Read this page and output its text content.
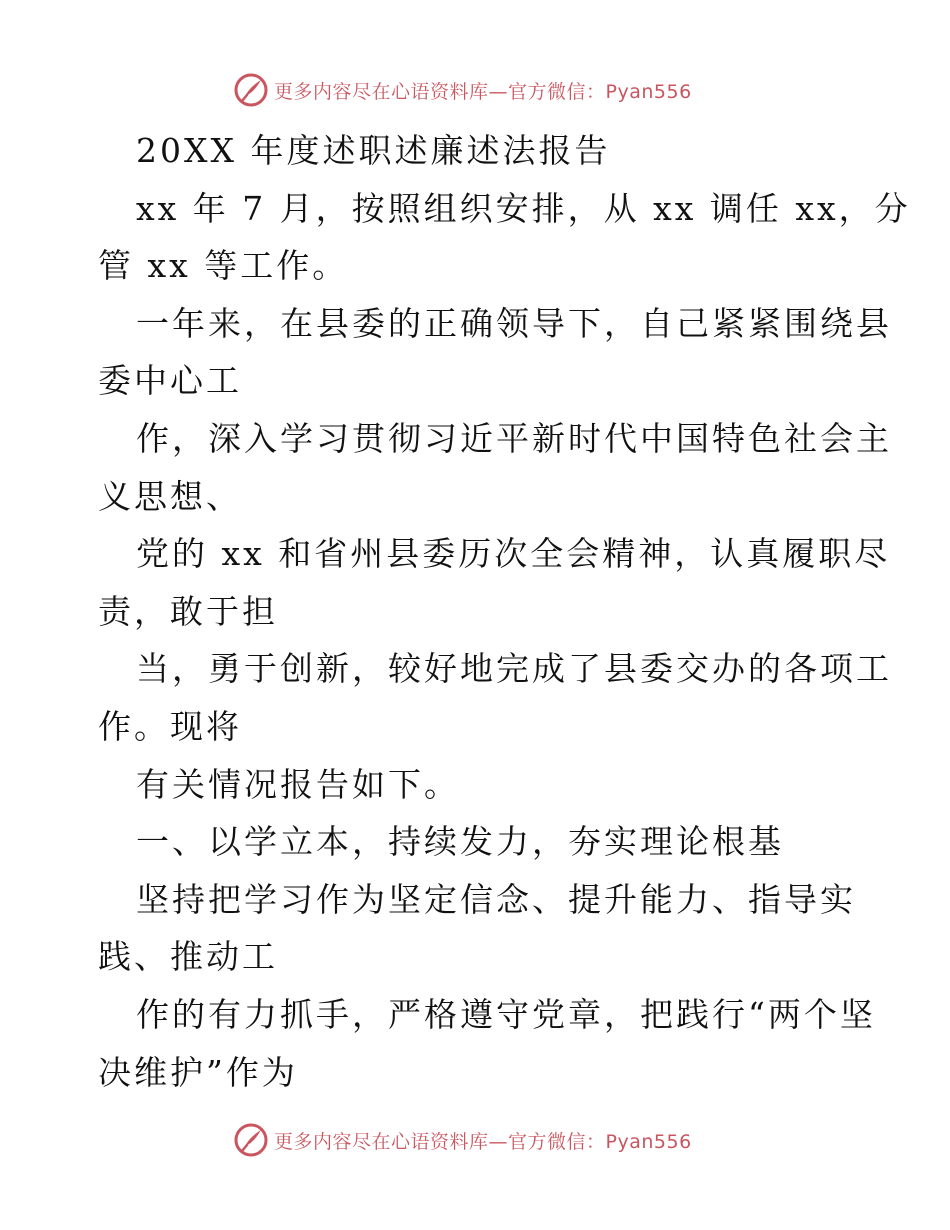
更多内容尽在心语资料库—官方微信：Pyan556
20XX 年度述职述廉述法报告
xx 年 7 月，按照组织安排，从 xx 调任 xx，分
管 xx 等工作。
一年来，在县委的正确领导下，自己紧紧围绕县
委中心工
作，深入学习贯彻习近平新时代中国特色社会主
义思想、
党的 xx 和省州县委历次全会精神，认真履职尽
责，敢于担
当，勇于创新，较好地完成了县委交办的各项工
作。现将
有关情况报告如下。
一、以学立本，持续发力，夯实理论根基
坚持把学习作为坚定信念、提升能力、指导实
践、推动工
作的有力抓手，严格遵守党章，把践行“两个坚
决维护”作为
更多内容尽在心语资料库—官方微信：Pyan556
